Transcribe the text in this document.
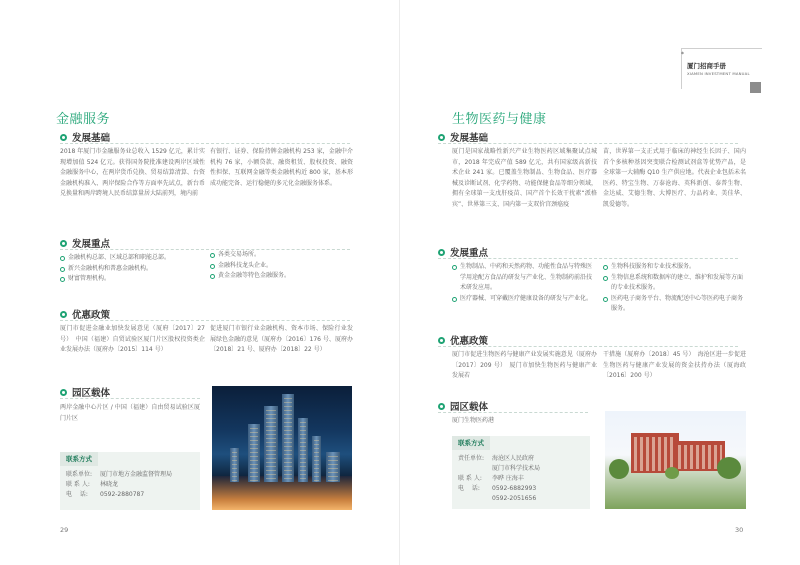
金融服务
发展基础
2018 年厦门市金融服务业总收入 1529 亿元，累计实现增加值 524 亿元。获得国务院批准建设两岸区域性金融服务中心，在两岸货币兑换、贸易结算清算、台资金融机构准入、两岸保险合作等方面率先试点，新台币兑换量和两岸跨境人民币结算量居大陆前列，境内前
有银行、证券、保险持牌金融机构 253 家，金融中介机构 76 家，小额贷款、融资租赁、股权投资、融资性担保、互联网金融等类金融机构近 800 家，基本形成功能完备、运行稳健的多元化金融服务体系。
发展重点
金融机构总部、区域总部和职能总部。
新兴金融机构和普惠金融机构。
财富管理机构。
各类交易场所。
金融科技龙头企业。
黄金金融等特色金融服务。
优惠政策
厦门市促进金融业加快发展意见（厦府〔2017〕27 号）　中国（福建）自贸试验区厦门片区股权投资类企业发展办法（厦府办〔2015〕114 号）
促进厦门市银行业金融机构、资本市场、保险行业发展绿色金融的意见（厦府办〔2016〕176 号、厦府办〔2018〕21 号、厦府办〔2018〕22 号）
园区载体
两岸金融中心片区 / 中国（福建）自由贸易试验区厦门片区
联系方式
联系单位:	厦门市地方金融监督管理局
联 系 人:	林晓龙
电　 话:	0592-2880787
29
生物医药与健康
发展基础
厦门是国家战略性新兴产业生物医药区域集聚试点城市，2018 年完成产值 589 亿元，共有国家级高新技术企业 241 家。已覆盖生物制品、生物食品、医疗器械及诊断试剂、化学药物、功能保健食品等细分领域，拥有全球第一支戊肝疫苗、国产首个长效干扰素“派格宾”、世界第三支、国内第一支双价宫颈癌疫
苗，世界第一支正式用于临床的神经生长因子、国内首个多核种基因突变联合检测试剂盒等优势产品，是全球第一大辅酶 Q10 生产供应地。代表企业包括未名医药、特宝生物、万泰沧海、英科新创、泰普生物、金达威、艾德生物、大博医疗、力品药业、美佳华、凯爱德等。
发展重点
生物制品、中药和天然药物、功能性食品与特殊医学用途配方食品的研发与产业化、生物制药前沿技术研发应用。
医疗器械、可穿戴医疗健康设备的研发与产业化。
生物科技服务和专业技术服务。
生物信息系统和数据库的建立、维护和发展等方面的专业技术服务。
医药电子商务平台、物流配送中心等医药电子商务服务。
优惠政策
厦门市促进生物医药与健康产业发展实施意见（厦府办〔2017〕209 号）　厦门市加快生物医药与健康产业发展若
干措施（厦府办〔2018〕45 号）　海沧区进一步促进生物医药与健康产业发展的资金扶持办法（厦海政〔2016〕200 号）
园区载体
厦门生物医药港
联系方式
责任单位:	海沧区人民政府
厦门市科学技术局
联 系 人:	李晔 庄海丰
电　 话:	0592-6882993
0592-2051656
30
*
厦门招商手册
XIAMEN INVESTMENT MANUAL
